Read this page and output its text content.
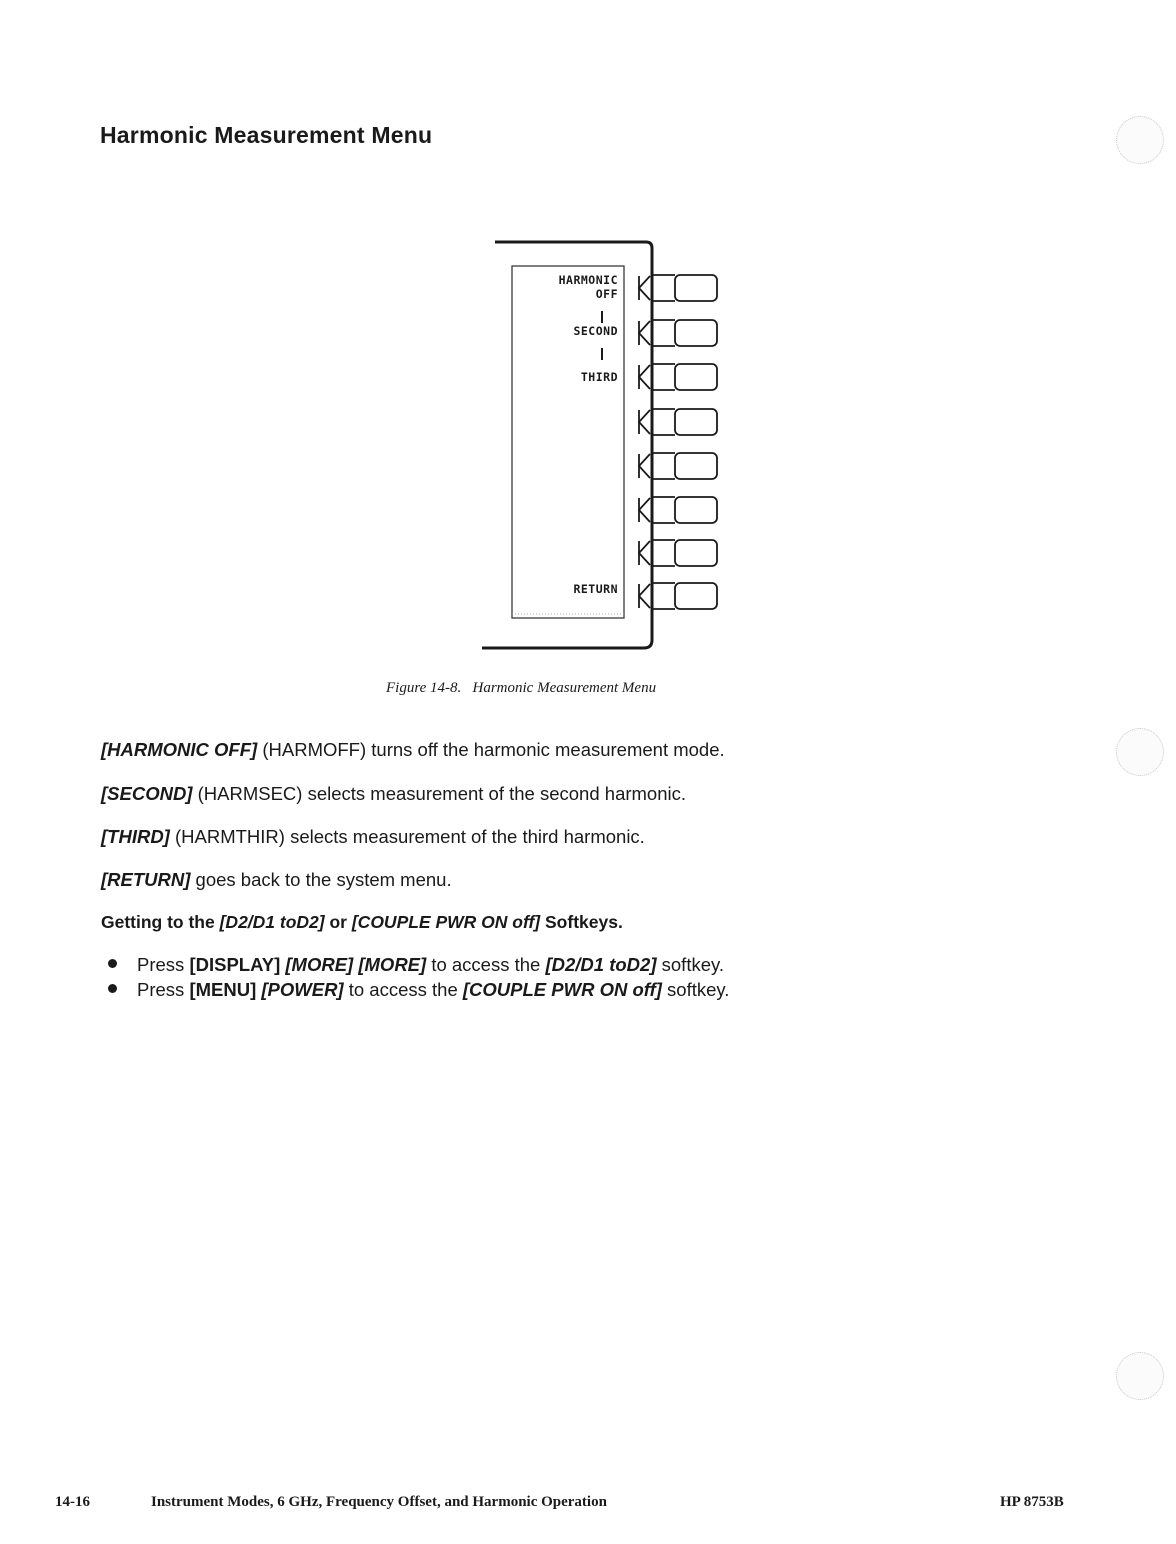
Harmonic Measurement Menu
HARMONIC
OFF
SECOND
THIRD
RETURN
Figure 14-8.   Harmonic Measurement Menu
[HARMONIC OFF] (HARMOFF) turns off the harmonic measurement mode.
[SECOND] (HARMSEC) selects measurement of the second harmonic.
[THIRD] (HARMTHIR) selects measurement of the third harmonic.
[RETURN] goes back to the system menu.
Getting to the [D2/D1 toD2] or [COUPLE PWR ON off] Softkeys.
Press [DISPLAY] [MORE] [MORE] to access the [D2/D1 toD2] softkey.
Press [MENU] [POWER] to access the [COUPLE PWR ON off] softkey.
14-16	Instrument Modes, 6 GHz, Frequency Offset, and Harmonic Operation	HP 8753B
